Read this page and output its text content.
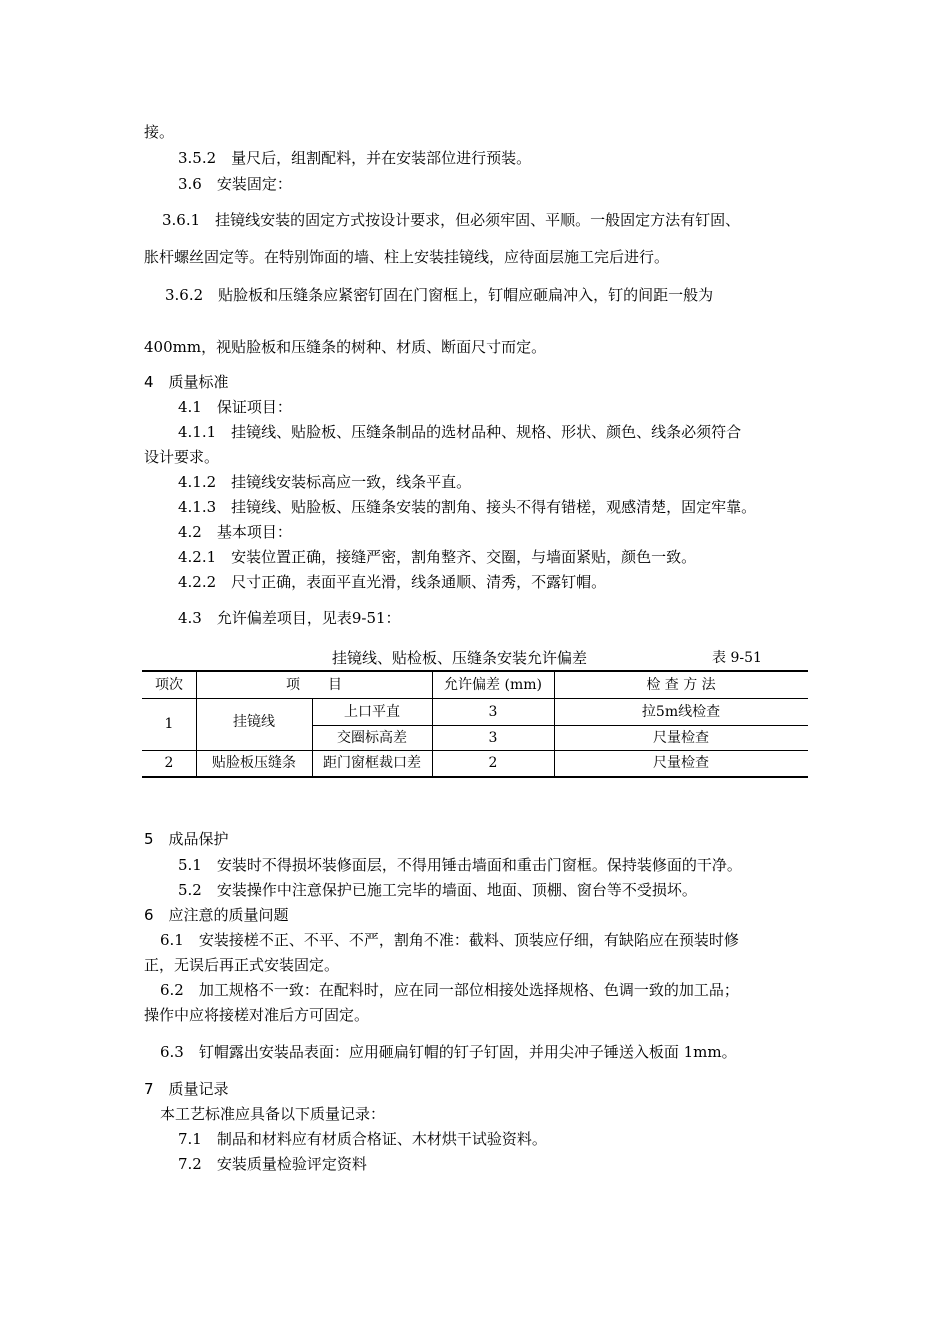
接。
3.5.2　量尺后，组割配料，并在安装部位进行预装。
3.6　安装固定：
3.6.1　挂镜线安装的固定方式按设计要求，但必须牢固、平顺。一般固定方法有钉固、
胀杆螺丝固定等。在特别饰面的墙、柱上安装挂镜线，应待面层施工完后进行。
3.6.2　贴脸板和压缝条应紧密钉固在门窗框上，钉帽应砸扁冲入，钉的间距一般为
400mm，视贴脸板和压缝条的树种、材质、断面尺寸而定。
4　质量标准
4.1　保证项目：
4.1.1　挂镜线、贴脸板、压缝条制品的选材品种、规格、形状、颜色、线条必须符合
设计要求。
4.1.2　挂镜线安装标高应一致，线条平直。
4.1.3　挂镜线、贴脸板、压缝条安装的割角、接头不得有错槎，观感清楚，固定牢靠。
4.2　基本项目：
4.2.1　安装位置正确，接缝严密，割角整齐、交圈，与墙面紧贴，颜色一致。
4.2.2　尺寸正确，表面平直光滑，线条通顺、清秀，不露钉帽。
4.3　允许偏差项目，见表9-51：
挂镜线、贴检板、压缝条安装允许偏差	表 9-51
项次	项　　目	允许偏差 (mm)	检 查 方 法
1	挂镜线
上口平直	3	拉5m线检查
交圈标高差	3	尺量检查
2	贴脸板压缝条	距门窗框裁口差	2	尺量检查
5　成品保护
5.1　安装时不得损坏装修面层，不得用锤击墙面和重击门窗框。保持装修面的干净。
5.2　安装操作中注意保护已施工完毕的墙面、地面、顶棚、窗台等不受损坏。
6　应注意的质量问题
6.1　安装接槎不正、不平、不严，割角不准：截料、顶装应仔细，有缺陷应在预装时修
正，无误后再正式安装固定。
6.2　加工规格不一致：在配料时，应在同一部位相接处选择规格、色调一致的加工品；
操作中应将接槎对准后方可固定。
6.3　钉帽露出安装品表面：应用砸扁钉帽的钉子钉固，并用尖冲子锤送入板面 1mm。
7　质量记录
本工艺标准应具备以下质量记录：
7.1　制品和材料应有材质合格证、木材烘干试验资料。
7.2　安装质量检验评定资料
